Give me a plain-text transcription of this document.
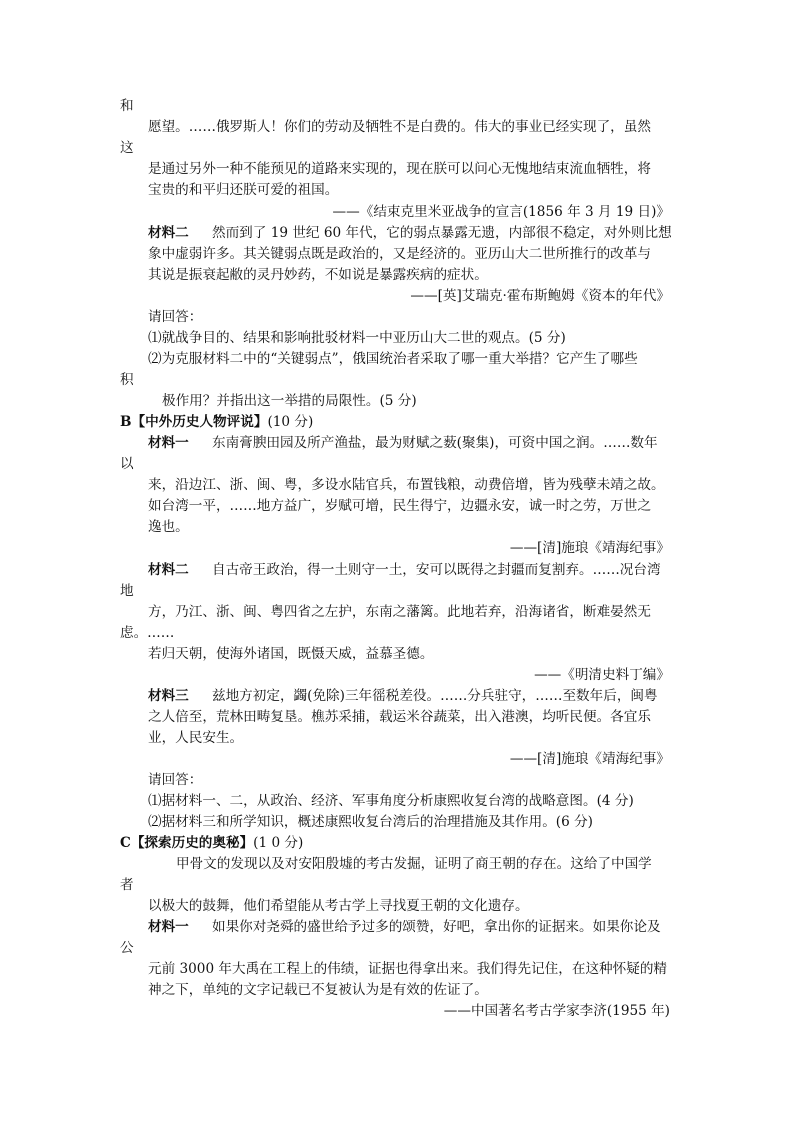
和
愿望。……俄罗斯人！你们的劳动及牺牲不是白费的。伟大的事业已经实现了，虽然
这
是通过另外一种不能预见的道路来实现的，现在朕可以问心无愧地结束流血牺牲，将
宝贵的和平归还朕可爱的祖国。
——《结束克里米亚战争的宣言(1856 年 3 月 19 日)》
材料二 然而到了 19 世纪 60 年代，它的弱点暴露无遗，内部很不稳定，对外则比想
象中虚弱许多。其关键弱点既是政治的，又是经济的。亚历山大二世所推行的改革与
其说是振衰起敝的灵丹妙药，不如说是暴露疾病的症状。
——[英]艾瑞克·霍布斯鲍姆《资本的年代》
请回答：
⑴就战争目的、结果和影响批驳材料一中亚历山大二世的观点。(5 分)
⑵为克服材料二中的“关键弱点”，俄国统治者采取了哪一重大举措？它产生了哪些
积
极作用？并指出这一举措的局限性。(5 分)
B【中外历史人物评说】(10 分)
材料一 东南膏腴田园及所产渔盐，最为财赋之薮(聚集)，可资中国之润。……数年
以
来，沿边江、浙、闽、粤，多设水陆官兵，布置钱粮，动费倍增，皆为残孽未靖之故。
如台湾一平，……地方益广，岁赋可增，民生得宁，边疆永安，诚一时之劳，万世之
逸也。
——[清]施琅《靖海纪事》
材料二 自古帝王政治，得一土则守一土，安可以既得之封疆而复割弃。……况台湾
地
方，乃江、浙、闽、粤四省之左护，东南之藩篱。此地若弃，沿海诸省，断难晏然无
虑。……
若归天朝，使海外诸国，既慑天威，益慕圣德。
——《明清史料丁编》
材料三 兹地方初定，蠲(免除)三年徭税差役。……分兵驻守，……至数年后，闽粤
之人倍至，荒林田畴复垦。樵苏采捕，载运米谷蔬菜，出入港澳，均听民便。各宜乐
业，人民安生。
——[清]施琅《靖海纪事》
请回答：
⑴据材料一、二，从政治、经济、军事角度分析康熙收复台湾的战略意图。(4 分)
⑵据材料三和所学知识，概述康熙收复台湾后的治理措施及其作用。(6 分)
C【探索历史的奥秘】(1 0 分)
甲骨文的发现以及对安阳殷墟的考古发掘，证明了商王朝的存在。这给了中国学
者
以极大的鼓舞，他们希望能从考古学上寻找夏王朝的文化遗存。
材料一 如果你对尧舜的盛世给予过多的颂赞，好吧，拿出你的证据来。如果你论及
公
元前 3000 年大禹在工程上的伟绩，证据也得拿出来。我们得先记住，在这种怀疑的精
神之下，单纯的文字记载已不复被认为是有效的佐证了。
——中国著名考古学家李济(1955 年)
